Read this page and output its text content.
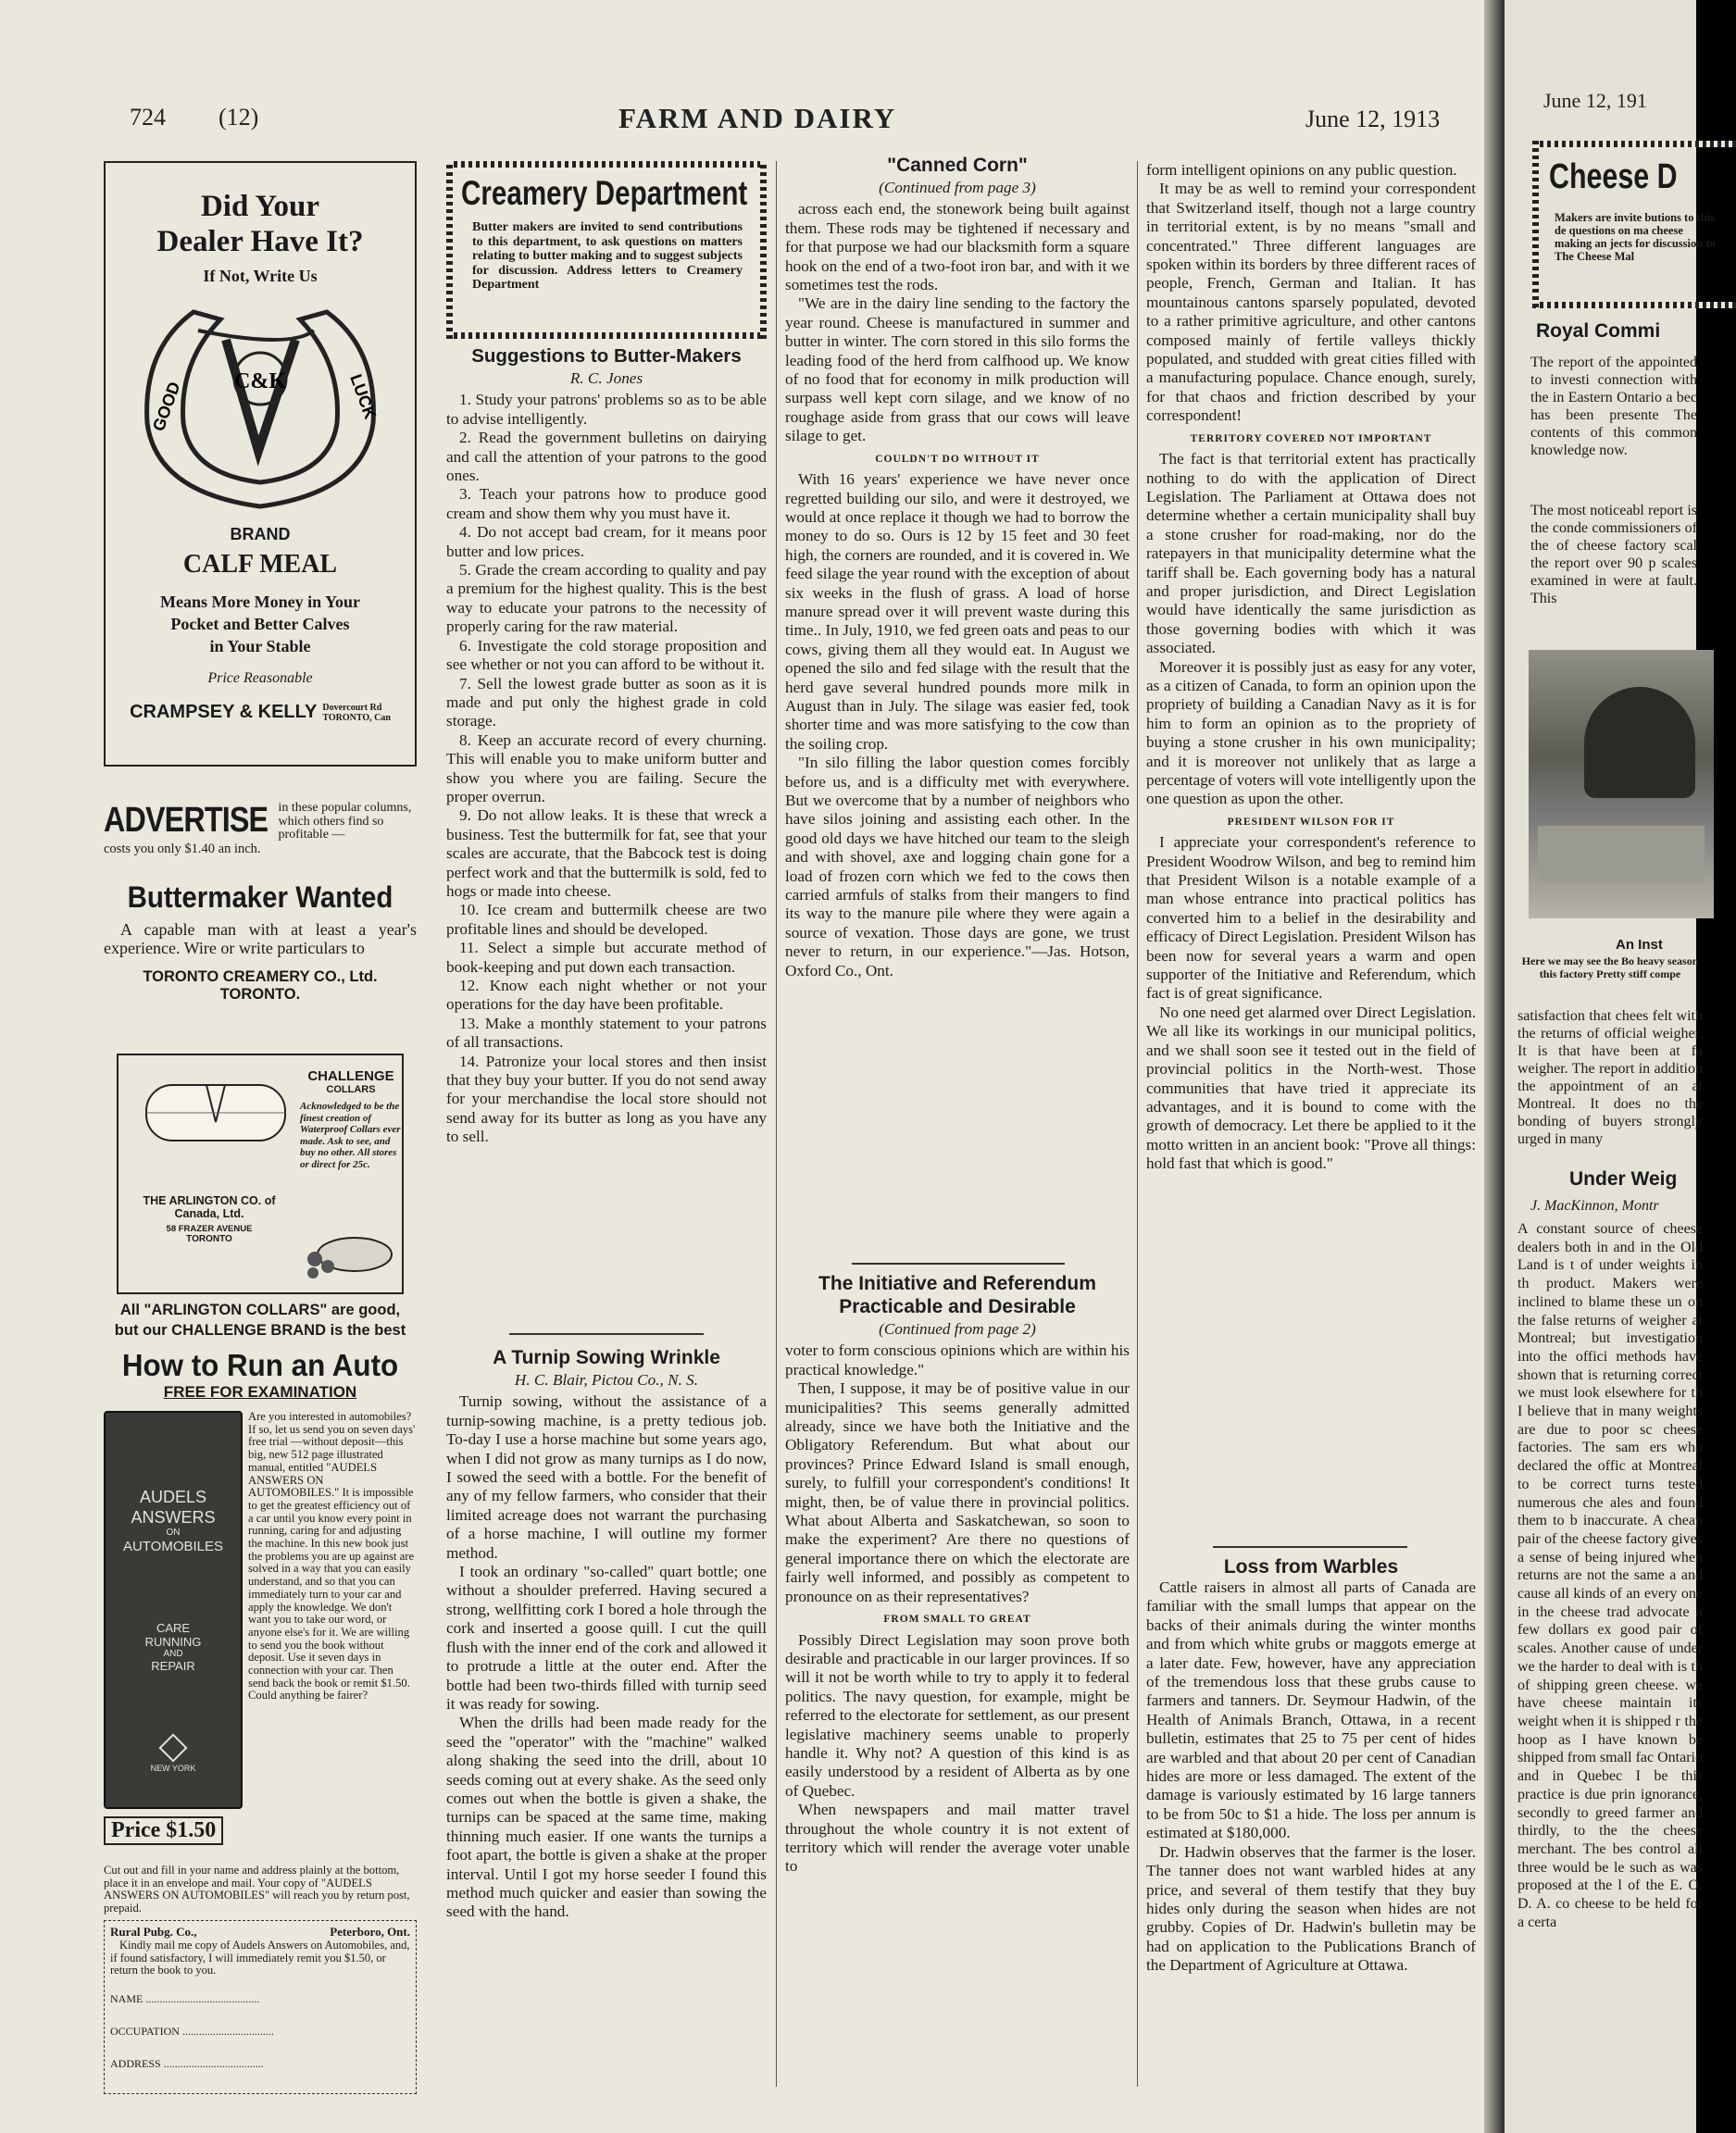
724 (12)	FARM AND DAIRY	June 12, 1913
Did Your
Dealer Have It?
If Not, Write Us
GOOD	LUCK
C&K
BRAND
CALF MEAL
Means More Money in Your
Pocket and Better Calves
in Your Stable
Price Reasonable
CRAMPSEY & KELLY Dovercourt Rd
TORONTO, Can
ADVERTISE in these popular columns, which others find so profitable —
costs you only $1.40 an inch.
Buttermaker Wanted
A capable man with at least a year's experience. Wire or write particulars to
TORONTO CREAMERY CO., Ltd.
TORONTO.
CHALLENGE
COLLARS
Acknowledged to be the finest creation of Waterproof Collars ever made. Ask to see, and buy no other. All stores or direct for 25c.
THE ARLINGTON CO. of Canada, Ltd.
58 FRAZER AVENUE
TORONTO
All "ARLINGTON COLLARS" are good,
but our CHALLENGE BRAND is the best
How to Run an Auto
FREE FOR EXAMINATION
AUDELS
ANSWERS
ON
AUTOMOBILES
CARE
RUNNING
AND
REPAIR
NEW YORK
Price $1.50
Are you interested in automobiles? If so, let us send you on seven days' free trial —without deposit—this big, new 512 page illustrated manual, entitled "AUDELS ANSWERS ON AUTOMOBILES." It is impossible to get the greatest efficiency out of a car until you know every point in running, caring for and adjusting the machine. In this new book just the problems you are up against are solved in a way that you can easily understand, and so that you can immediately turn to your car and apply the knowledge. We don't want you to take our word, or anyone else's for it. We are willing to send you the book without deposit. Use it seven days in connection with your car. Then send back the book or remit $1.50. Could anything be fairer?
Cut out and fill in your name and address plainly at the bottom, place it in an envelope and mail. Your copy of "AUDELS ANSWERS ON AUTOMOBILES" will reach you by return post, prepaid.
Rural Pubg. Co.,	Peterboro, Ont.
Kindly mail me copy of Audels Answers on Automobiles, and, if found satisfactory, I will immediately remit you $1.50, or return the book to you.
NAME .........................................
OCCUPATION .................................
ADDRESS ....................................
Creamery Department
Butter makers are invited to send contributions to this department, to ask questions on matters relating to butter making and to suggest subjects for discussion. Address letters to Creamery Department
Suggestions to Butter-Makers
R. C. Jones

1. Study your patrons' problems so as to be able to advise intelligently.

2. Read the government bulletins on dairying and call the attention of your patrons to the good ones.

3. Teach your patrons how to produce good cream and show them why you must have it.

4. Do not accept bad cream, for it means poor butter and low prices.

5. Grade the cream according to quality and pay a premium for the highest quality. This is the best way to educate your patrons to the necessity of properly caring for the raw material.

6. Investigate the cold storage proposition and see whether or not you can afford to be without it.

7. Sell the lowest grade butter as soon as it is made and put only the highest grade in cold storage.

8. Keep an accurate record of every churning. This will enable you to make uniform butter and show you where you are failing. Secure the proper overrun.

9. Do not allow leaks. It is these that wreck a business. Test the buttermilk for fat, see that your scales are accurate, that the Babcock test is doing perfect work and that the buttermilk is sold, fed to hogs or made into cheese.

10. Ice cream and buttermilk cheese are two profitable lines and should be developed.

11. Select a simple but accurate method of book-keeping and put down each transaction.

12. Know each night whether or not your operations for the day have been profitable.

13. Make a monthly statement to your patrons of all transactions.

14. Patronize your local stores and then insist that they buy your butter. If you do not send away for your merchandise the local store should not send away for its butter as long as you have any to sell.

A Turnip Sowing Wrinkle
H. C. Blair, Pictou Co., N. S.

Turnip sowing, without the assistance of a turnip-sowing machine, is a pretty tedious job. To-day I use a horse machine but some years ago, when I did not grow as many turnips as I do now, I sowed the seed with a bottle. For the benefit of any of my fellow farmers, who consider that their limited acreage does not warrant the purchasing of a horse machine, I will outline my former method.

I took an ordinary "so-called" quart bottle; one without a shoulder preferred. Having secured a strong, wellfitting cork I bored a hole through the cork and inserted a goose quill. I cut the quill flush with the inner end of the cork and allowed it to protrude a little at the outer end. After the bottle had been two-thirds filled with turnip seed it was ready for sowing.

When the drills had been made ready for the seed the "operator" with the "machine" walked along shaking the seed into the drill, about 10 seeds coming out at every shake. As the seed only comes out when the bottle is given a shake, the turnips can be spaced at the same time, making thinning much easier. If one wants the turnips a foot apart, the bottle is given a shake at the proper interval. Until I got my horse seeder I found this method much quicker and easier than sowing the seed with the hand.

"Canned Corn"
(Continued from page 3)

across each end, the stonework being built against them. These rods may be tightened if necessary and for that purpose we had our blacksmith form a square hook on the end of a two-foot iron bar, and with it we sometimes test the rods.

"We are in the dairy line sending to the factory the year round. Cheese is manufactured in summer and butter in winter. The corn stored in this silo forms the leading food of the herd from calfhood up. We know of no food that for economy in milk production will surpass well kept corn silage, and we know of no roughage aside from grass that our cows will leave silage to get.

COULDN'T DO WITHOUT IT

With 16 years' experience we have never once regretted building our silo, and were it destroyed, we would at once replace it though we had to borrow the money to do so. Ours is 12 by 15 feet and 30 feet high, the corners are rounded, and it is covered in. We feed silage the year round with the exception of about six weeks in the flush of grass. A load of horse manure spread over it will prevent waste during this time.. In July, 1910, we fed green oats and peas to our cows, giving them all they would eat. In August we opened the silo and fed silage with the result that the herd gave several hundred pounds more milk in August than in July. The silage was easier fed, took shorter time and was more satisfying to the cow than the soiling crop.

"In silo filling the labor question comes forcibly before us, and is a difficulty met with everywhere. But we overcome that by a number of neighbors who have silos joining and assisting each other. In the good old days we have hitched our team to the sleigh and with shovel, axe and logging chain gone for a load of frozen corn which we fed to the cows then carried armfuls of stalks from their mangers to find its way to the manure pile where they were again a source of vexation. Those days are gone, we trust never to return, in our experience."—Jas. Hotson, Oxford Co., Ont.

The Initiative and Referendum Practicable and Desirable
(Continued from page 2)

voter to form conscious opinions which are within his practical knowledge."

Then, I suppose, it may be of positive value in our municipalities? This seems generally admitted already, since we have both the Initiative and the Obligatory Referendum. But what about our provinces? Prince Edward Island is small enough, surely, to fulfill your correspondent's conditions! It might, then, be of value there in provincial politics. What about Alberta and Saskatchewan, so soon to make the experiment? Are there no questions of general importance there on which the electorate are fairly well informed, and possibly as competent to pronounce on as their representatives?

FROM SMALL TO GREAT

Possibly Direct Legislation may soon prove both desirable and practicable in our larger provinces. If so will it not be worth while to try to apply it to federal politics. The navy question, for example, might be referred to the electorate for settlement, as our present legislative machinery seems unable to properly handle it. Why not? A question of this kind is as easily understood by a resident of Alberta as by one of Quebec.

When newspapers and mail matter travel throughout the whole country it is not extent of territory which will render the average voter unable to

form intelligent opinions on any public question.

It may be as well to remind your correspondent that Switzerland itself, though not a large country in territorial extent, is by no means "small and concentrated." Three different languages are spoken within its borders by three different races of people, French, German and Italian. It has mountainous cantons sparsely populated, devoted to a rather primitive agriculture, and other cantons composed mainly of fertile valleys thickly populated, and studded with great cities filled with a manufacturing populace. Chance enough, surely, for that chaos and friction described by your correspondent!

TERRITORY COVERED NOT IMPORTANT

The fact is that territorial extent has practically nothing to do with the application of Direct Legislation. The Parliament at Ottawa does not determine whether a certain municipality shall buy a stone crusher for road-making, nor do the ratepayers in that municipality determine what the tariff shall be. Each governing body has a natural and proper jurisdiction, and Direct Legislation would have identically the same jurisdiction as those governing bodies with which it was associated.

Moreover it is possibly just as easy for any voter, as a citizen of Canada, to form an opinion upon the propriety of building a Canadian Navy as it is for him to form an opinion as to the propriety of buying a stone crusher in his own municipality; and it is moreover not unlikely that as large a percentage of voters will vote intelligently upon the one question as upon the other.

PRESIDENT WILSON FOR IT

I appreciate your correspondent's reference to President Woodrow Wilson, and beg to remind him that President Wilson is a notable example of a man whose entrance into practical politics has converted him to a belief in the desirability and efficacy of Direct Legislation. President Wilson has been now for several years a warm and open supporter of the Initiative and Referendum, which fact is of great significance.

No one need get alarmed over Direct Legislation. We all like its workings in our municipal politics, and we shall soon see it tested out in the field of provincial politics in the North-west. Those communities that have tried it appreciate its advantages, and it is bound to come with the growth of democracy. Let there be applied to it the motto written in an ancient book: "Prove all things: hold fast that which is good."

Loss from Warbles

Cattle raisers in almost all parts of Canada are familiar with the small lumps that appear on the backs of their animals during the winter months and from which white grubs or maggots emerge at a later date. Few, however, have any appreciation of the tremendous loss that these grubs cause to farmers and tanners. Dr. Seymour Hadwin, of the Health of Animals Branch, Ottawa, in a recent bulletin, estimates that 25 to 75 per cent of hides are warbled and that about 20 per cent of Canadian hides are more or less damaged. The extent of the damage is variously estimated by 16 large tanners to be from 50c to $1 a hide. The loss per annum is estimated at $180,000.

Dr. Hadwin observes that the farmer is the loser. The tanner does not want warbled hides at any price, and several of them testify that they buy hides only during the season when hides are not grubby. Copies of Dr. Hadwin's bulletin may be had on application to the Publications Branch of the Department of Agriculture at Ottawa.

June 12, 191
Cheese D
Makers are invite butions to this de questions on ma cheese making an jects for discussion to The Cheese Mal
Royal Commi
The report of the appointed to investi connection with the in Eastern Ontario a bec has been presente The contents of this common knowledge now.
The most noticeabl report is the conde commissioners of the of cheese factory scal the report over 90 p scales examined in were at fault. This
An Inst
Here we may see the Bo heavy season this factory Pretty stiff compe
satisfaction that chees felt with the returns of official weigher. It is that have been at fa weigher. The report in addition the appointment of an at Montreal. It does no the bonding of buyers strongly urged in many
Under Weig
J. MacKinnon, Montr
A constant source of cheese dealers both in and in the Old Land is t of under weights in th product. Makers were inclined to blame these un on the false returns of weigher at Montreal; but investigation into the offici methods have shown that is returning correct we must look elsewhere for th I believe that in many weights are due to poor sc cheese factories. The sam ers who declared the offic at Montreal to be correct turns tested numerous che ales and found them to b inaccurate. A cheap pair of the cheese factory gives a sense of being injured when returns are not the same a and cause all kinds of an every one in the cheese trad advocate a few dollars ex good pair of scales. Another cause of under we the harder to deal with is th of shipping green cheese. we have cheese maintain its weight when it is shipped r the hoop as I have known be shipped from small fac Ontario and in Quebec I be this practice is due prin ignorance, secondly to greed farmer and thirdly, to the the cheese merchant. The bes control all three would be le such as was proposed at the l of the E. O. D. A. co cheese to be held for a certa
